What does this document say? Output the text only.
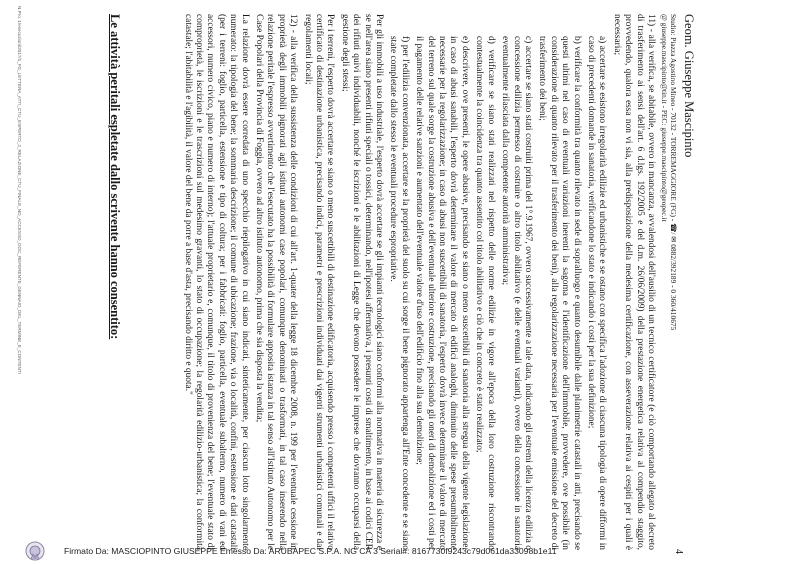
Geom. Giuseppe Mascipinto
Studio: Piazza Agostino Mineo - 70132 - TORREMAGGIORE (FG) - ☎/ ✉ 0882/392189 - 0 360/410675
@ giuseppe.mascipinto@tin.it - PEC: giuseppe.mascipinto@geopec.it
4

11) - alla verifica, se abitabile, ovvero in mancanza, avvalendosi dell'ausilio di un tecnico certificatore (e ciò comportando allegato al decreto di trasferimento ai sensi dell'art. 6 d.lgs. 192/2005 e del d.m. 26/06/2009) della prestazione energetica relativa al compendio staggito, provvedendo, qualora essa non vi sia, alla predisposizione della medesima certificazione, con asseverazione relativa ai cespiti per i quali è necessaria;

a) accertare se esistono irregolarità edilizie ed urbanistiche e se ostano con specifica l'adozione di ciascuna tipologia di opere difformi in caso di precedenti domande in sanatoria, verificandone lo stato e indicando i costi per la sua definizione;

b) verificare la conformità tra quanto rilevato in sede di sopralluogo e quanto desumibile dalle planimetrie catastali in atti, precisando se questi ultimi nel caso di eventuali variazioni inerenti la sagoma e l'identificazione dell'immobile, provvedere, ove possibile (in considerazione di quanto rilevato per il trasferimento dei beni), alla regolarizzazione necessaria per l'eventuale emissione del decreto di trasferimento dei beni;

c) accertare se siano stati costruiti prima del 1°.9.1967, ovvero successivamente a tale data, indicando gli estremi della licenza edilizia o concessione edilizia permesso di costruire o altro titolo abilitativo (e delle eventuali varianti), ovvero della concessione in sanatoria eventualmente rilasciata dalla competente autorità amministrativa;

d) verificare se siano stati realizzati nel rispetto delle norme edilizie in vigore all'epoca della loro costruzione riscontrando contestualmente la coincidenza tra quanto assentito col titolo abilitativo e ciò che in concreto è stato realizzato;

e) descrivere, ove presenti, le opere abusive, precisando se siano o meno suscettibili di sanatoria alla stregua della vigente legislazione; in caso di abusi sanabili, l'esperto dovrà determinare il valore di mercato di edifici analoghi, diminuito delle spese presumibilmente necessarie per la regolarizzazione; in caso di abusi non suscettibili di sanatoria, l'esperto dovrà invece determinare il valore di mercato del terreno sul quale sorge la costruzione abusiva e dell'eventuale ulteriore costruzione, precisando gli oneri di demolizione ed i costi per il pagamento delle relative sanzioni e aumentato dell'eventuale valore d'uso dell'edificio fino alla sua demolizione;

f) per l'edilizia convenzionata, accertare se la proprietà del suolo su cui sorge il bene pignorato appartenga all'Ente concedente e se siano state completate dallo stesso le eventuali procedure espropriative.

Per gli immobili a uso industriale, l'esperto dovrà accertare se gli impianti tecnologici siano conformi alla normativa in materia di sicurezza e se nell'area siano presenti rifiuti speciali o tossici, determinando, nell'ipotesi affermativa, i presunti costi di smaltimento, in base ai codici CER dei rifiuti quivi individuabili, nonché le iscrizioni e le abilitazioni di Legge che devono possedere le imprese che dovranno occuparsi della gestione degli stessi;

Per i terreni, l'esperto dovrà accertare se siano o meno suscettibili di destinazione edificatoria, acquisendo presso i competenti uffici il relativo certificato di destinazione urbanistica, precisando indici, parametri e prescrizioni individuati dai vigenti strumenti urbanistici comunali e dai regolamenti locali;

12) - alla verifica della sussistenza delle condizioni di cui all'art. 1-quater della legge 18 dicembre 2008, n. 199 per l'eventuale cessione in proprietà degli immobili pignorati agli istituti autonomi case popolari, comunque denominati o trasformati, in tal caso inserendo nella relazione peritale l'espresso avvertimento che l'esecutato ha la possibilità di formulare apposita istanza in tal senso all'Istituto Autonomo per le Case Popolari della Provincia di Foggia, ovvero ad altro istituto autonomo, prima che sia disposta la vendita;

La relazione dovrà essere corredata di uno specchio riepilogativo in cui siano indicati, sinteticamente, per ciascun lotto singolarmente numerato: la tipologia del bene; la sommaria descrizione; il comune di ubicazione; frazione, via o località, confini, estensione e dati catastali (per i terreni: foglio, particella, estensione e tipo di coltura; per i fabbricati: foglio, particella, eventuale subalterno, numero di vani ed accessori, numero civico, piano e numero di interno); l'attuale proprietario e, comunque, il titolo di provenienza del bene; l'eventuale stato di comproprietà, le iscrizioni e le trascrizioni sul medesimo gravanti, lo stato di occupazione; la regolarità edilizio-urbanistica; la conformità catastale; l'abitabilità e l'agibilità, il valore del bene da porre a base d'asta, precisando diritto e quota."

Le attività peritali espletate dallo scrivente hanno consentito:
N.Pro. 1/esecuzioni/2017/1_FG_LETTERA_ATTI_CTU_ESPERTO_2_RELAZIONE_CTU_FINALE_NO_ACCESSO_DOC_REFERENTE_GENNAIO_DEL_TERMINE_E_CONTENTI
Firmato Da: MASCIOPINTO GIUSEPPE Emesso Da: ARUBAPEC S.P.A. NG CA 3 Serial#: 8167730f9243c79d061da33098b1e11
